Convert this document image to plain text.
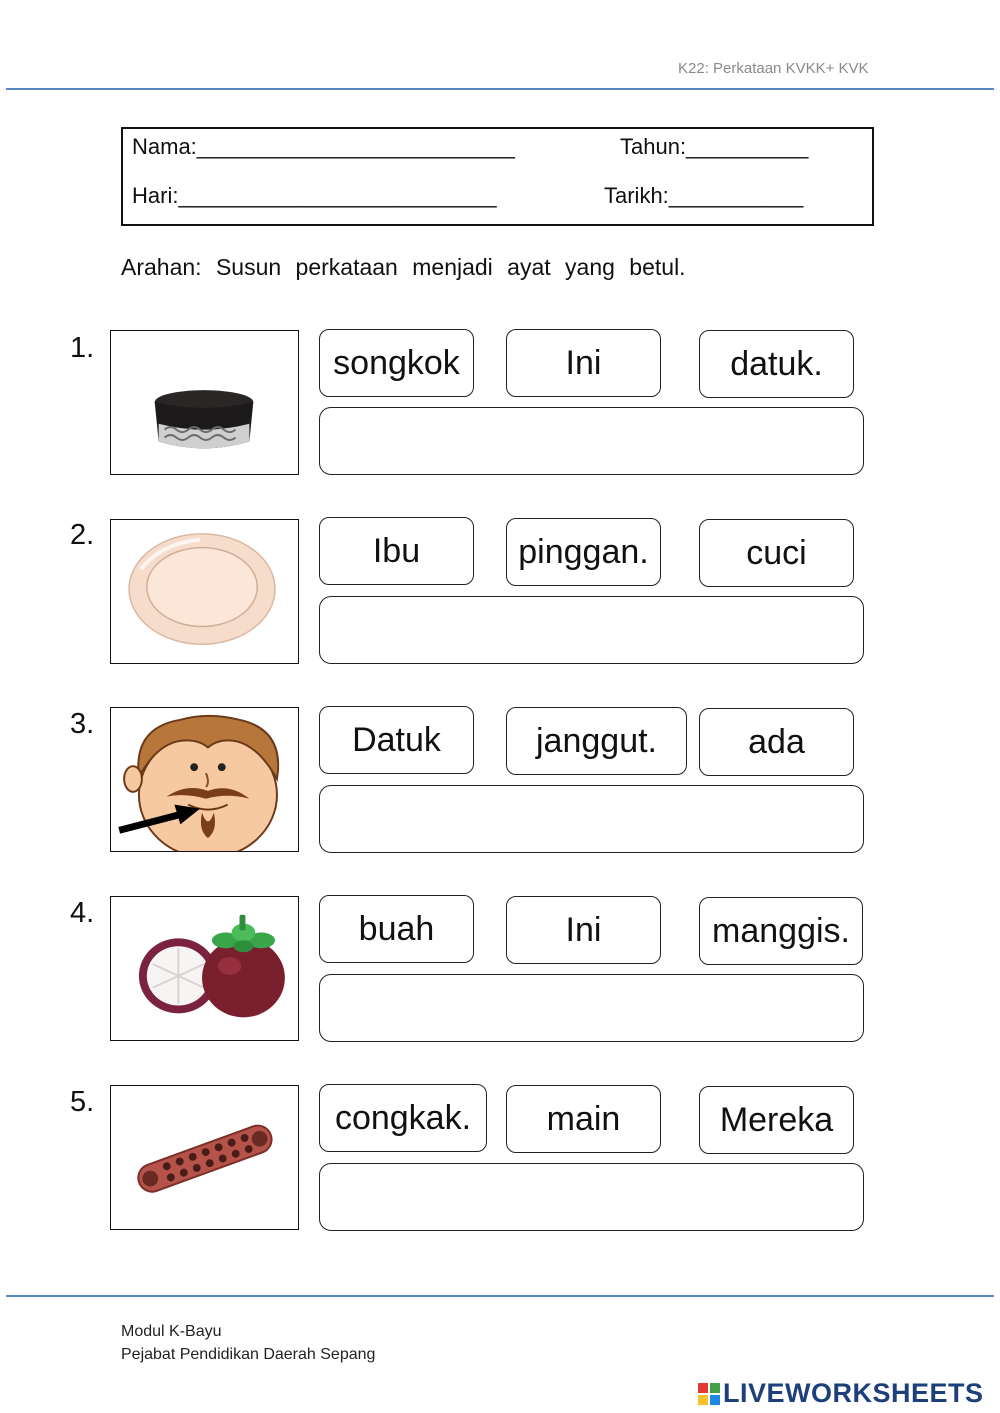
K22: Perkataan KVKK+ KVK
Nama:__________________________	Tahun:__________
Hari:__________________________	Tarikh:___________
Arahan: Susun perkataan menjadi ayat yang betul.
1.	songkok	Ini	datuk.
2.	Ibu	pinggan.	cuci
3.	Datuk	janggut.	ada
4.	buah	Ini	manggis.
5.	congkak.	main	Mereka
Modul K-Bayu
Pejabat Pendidikan Daerah Sepang
LIVEWORKSHEETS
